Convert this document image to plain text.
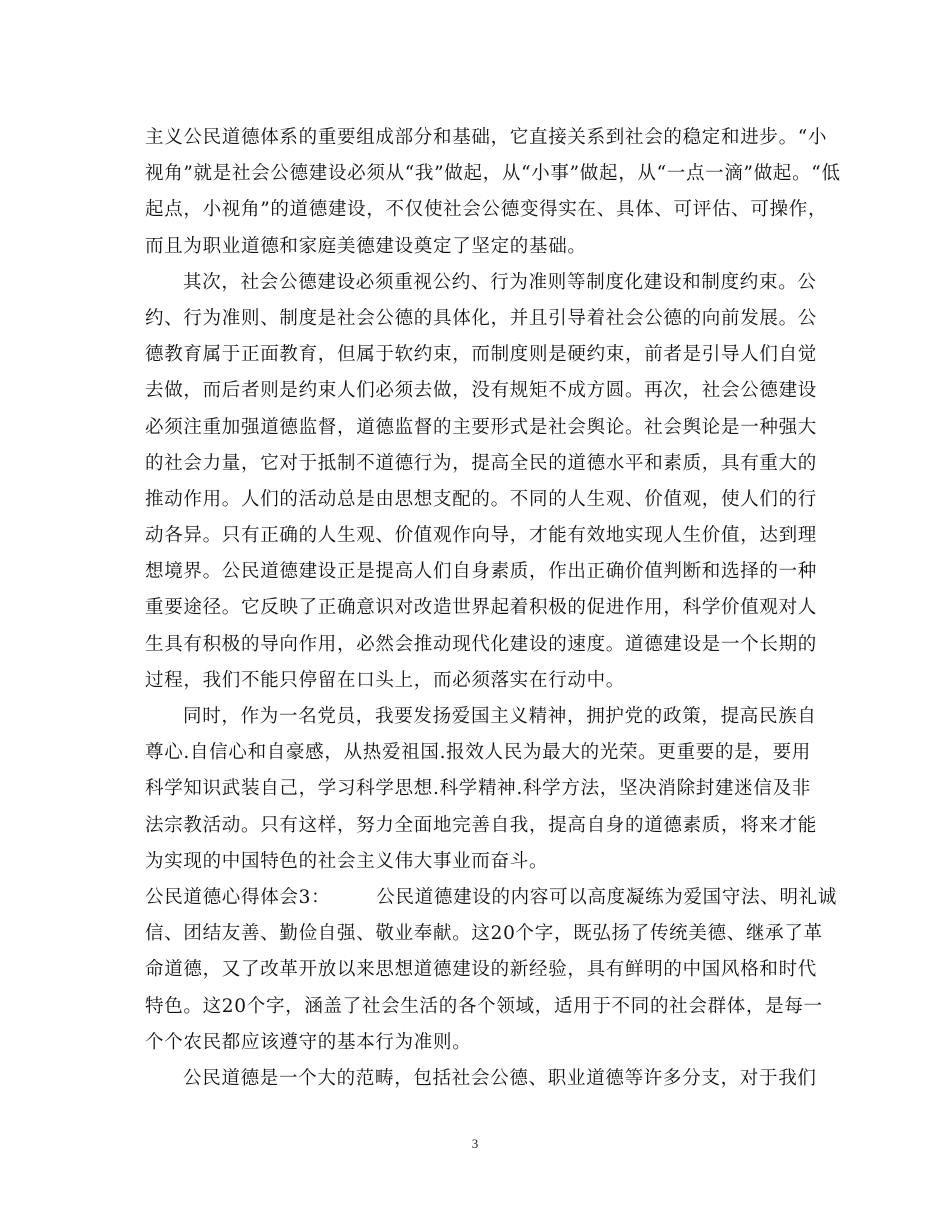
主义公民道德体系的重要组成部分和基础，它直接关系到社会的稳定和进步。“小
视角”就是社会公德建设必须从“我”做起，从“小事”做起，从“一点一滴”做起。“低
起点，小视角”的道德建设，不仅使社会公德变得实在、具体、可评估、可操作，
而且为职业道德和家庭美德建设奠定了坚定的基础。
其次，社会公德建设必须重视公约、行为准则等制度化建设和制度约束。公
约、行为准则、制度是社会公德的具体化，并且引导着社会公德的向前发展。公
德教育属于正面教育，但属于软约束，而制度则是硬约束，前者是引导人们自觉
去做，而后者则是约束人们必须去做，没有规矩不成方圆。再次，社会公德建设
必须注重加强道德监督，道德监督的主要形式是社会舆论。社会舆论是一种强大
的社会力量，它对于抵制不道德行为，提高全民的道德水平和素质，具有重大的
推动作用。人们的活动总是由思想支配的。不同的人生观、价值观，使人们的行
动各异。只有正确的人生观、价值观作向导，才能有效地实现人生价值，达到理
想境界。公民道德建设正是提高人们自身素质，作出正确价值判断和选择的一种
重要途径。它反映了正确意识对改造世界起着积极的促进作用，科学价值观对人
生具有积极的导向作用，必然会推动现代化建设的速度。道德建设是一个长期的
过程，我们不能只停留在口头上，而必须落实在行动中。
同时，作为一名党员，我要发扬爱国主义精神，拥护党的政策，提高民族自
尊心.自信心和自豪感，从热爱祖国.报效人民为最大的光荣。更重要的是，要用
科学知识武装自己，学习科学思想.科学精神.科学方法，坚决消除封建迷信及非
法宗教活动。只有这样，努力全面地完善自我，提高自身的道德素质，将来才能
为实现的中国特色的社会主义伟大事业而奋斗。
公民道德心得体会3： 公民道德建设的内容可以高度凝练为爱国守法、明礼诚
信、团结友善、勤俭自强、敬业奉献。这20个字，既弘扬了传统美德、继承了革
命道德，又了改革开放以来思想道德建设的新经验，具有鲜明的中国风格和时代
特色。这20个字，涵盖了社会生活的各个领域，适用于不同的社会群体，是每一
个个农民都应该遵守的基本行为准则。
公民道德是一个大的范畴，包括社会公德、职业道德等许多分支，对于我们
3
